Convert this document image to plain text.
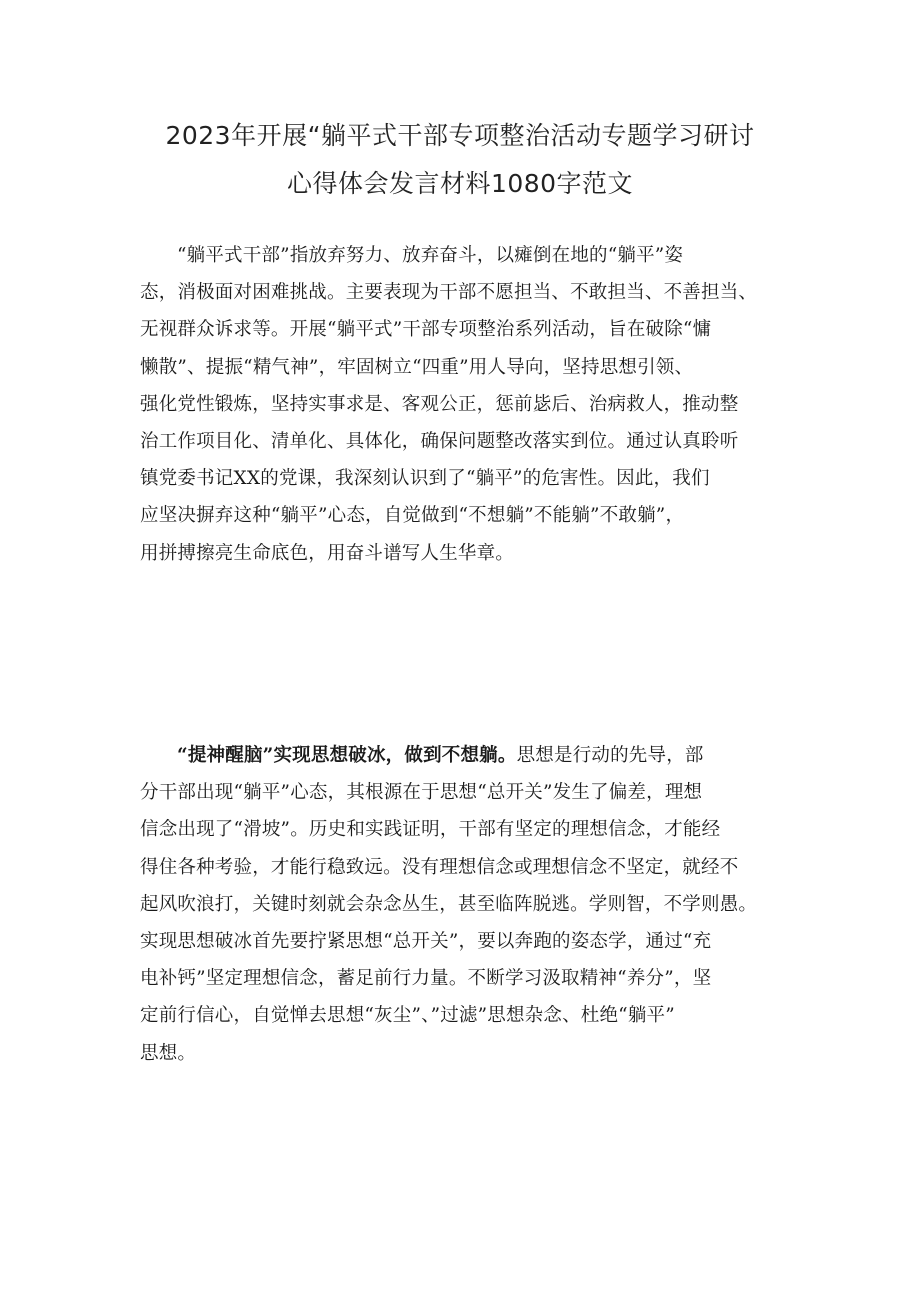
2023年开展“躺平式干部专项整治活动专题学习研讨
心得体会发言材料1080字范文
“躺平式干部”指放弃努力、放弃奋斗，以瘫倒在地的“躺平”姿
态，消极面对困难挑战。主要表现为干部不愿担当、不敢担当、不善担当、
无视群众诉求等。开展“躺平式”干部专项整治系列活动，旨在破除“慵
懒散”、提振“精气神”，牢固树立“四重”用人导向，坚持思想引领、
强化党性锻炼，坚持实事求是、客观公正，惩前毖后、治病救人，推动整
治工作项目化、清单化、具体化，确保问题整改落实到位。通过认真聆听
镇党委书记XX的党课，我深刻认识到了“躺平”的危害性。因此，我们
应坚决摒弃这种“躺平”心态，自觉做到“不想躺”不能躺”不敢躺”，
用拼搏擦亮生命底色，用奋斗谱写人生华章。
“提神醒脑”实现思想破冰，做到不想躺。思想是行动的先导，部
分干部出现“躺平”心态，其根源在于思想“总开关”发生了偏差，理想
信念出现了“滑坡”。历史和实践证明，干部有坚定的理想信念，才能经
得住各种考验，才能行稳致远。没有理想信念或理想信念不坚定，就经不
起风吹浪打，关键时刻就会杂念丛生，甚至临阵脱逃。学则智，不学则愚。
实现思想破冰首先要拧紧思想“总开关”，要以奔跑的姿态学，通过“充
电补钙”坚定理想信念，蓄足前行力量。不断学习汲取精神“养分”，坚
定前行信心，自觉惮去思想“灰尘”、”过滤”思想杂念、杜绝“躺平”
思想。
